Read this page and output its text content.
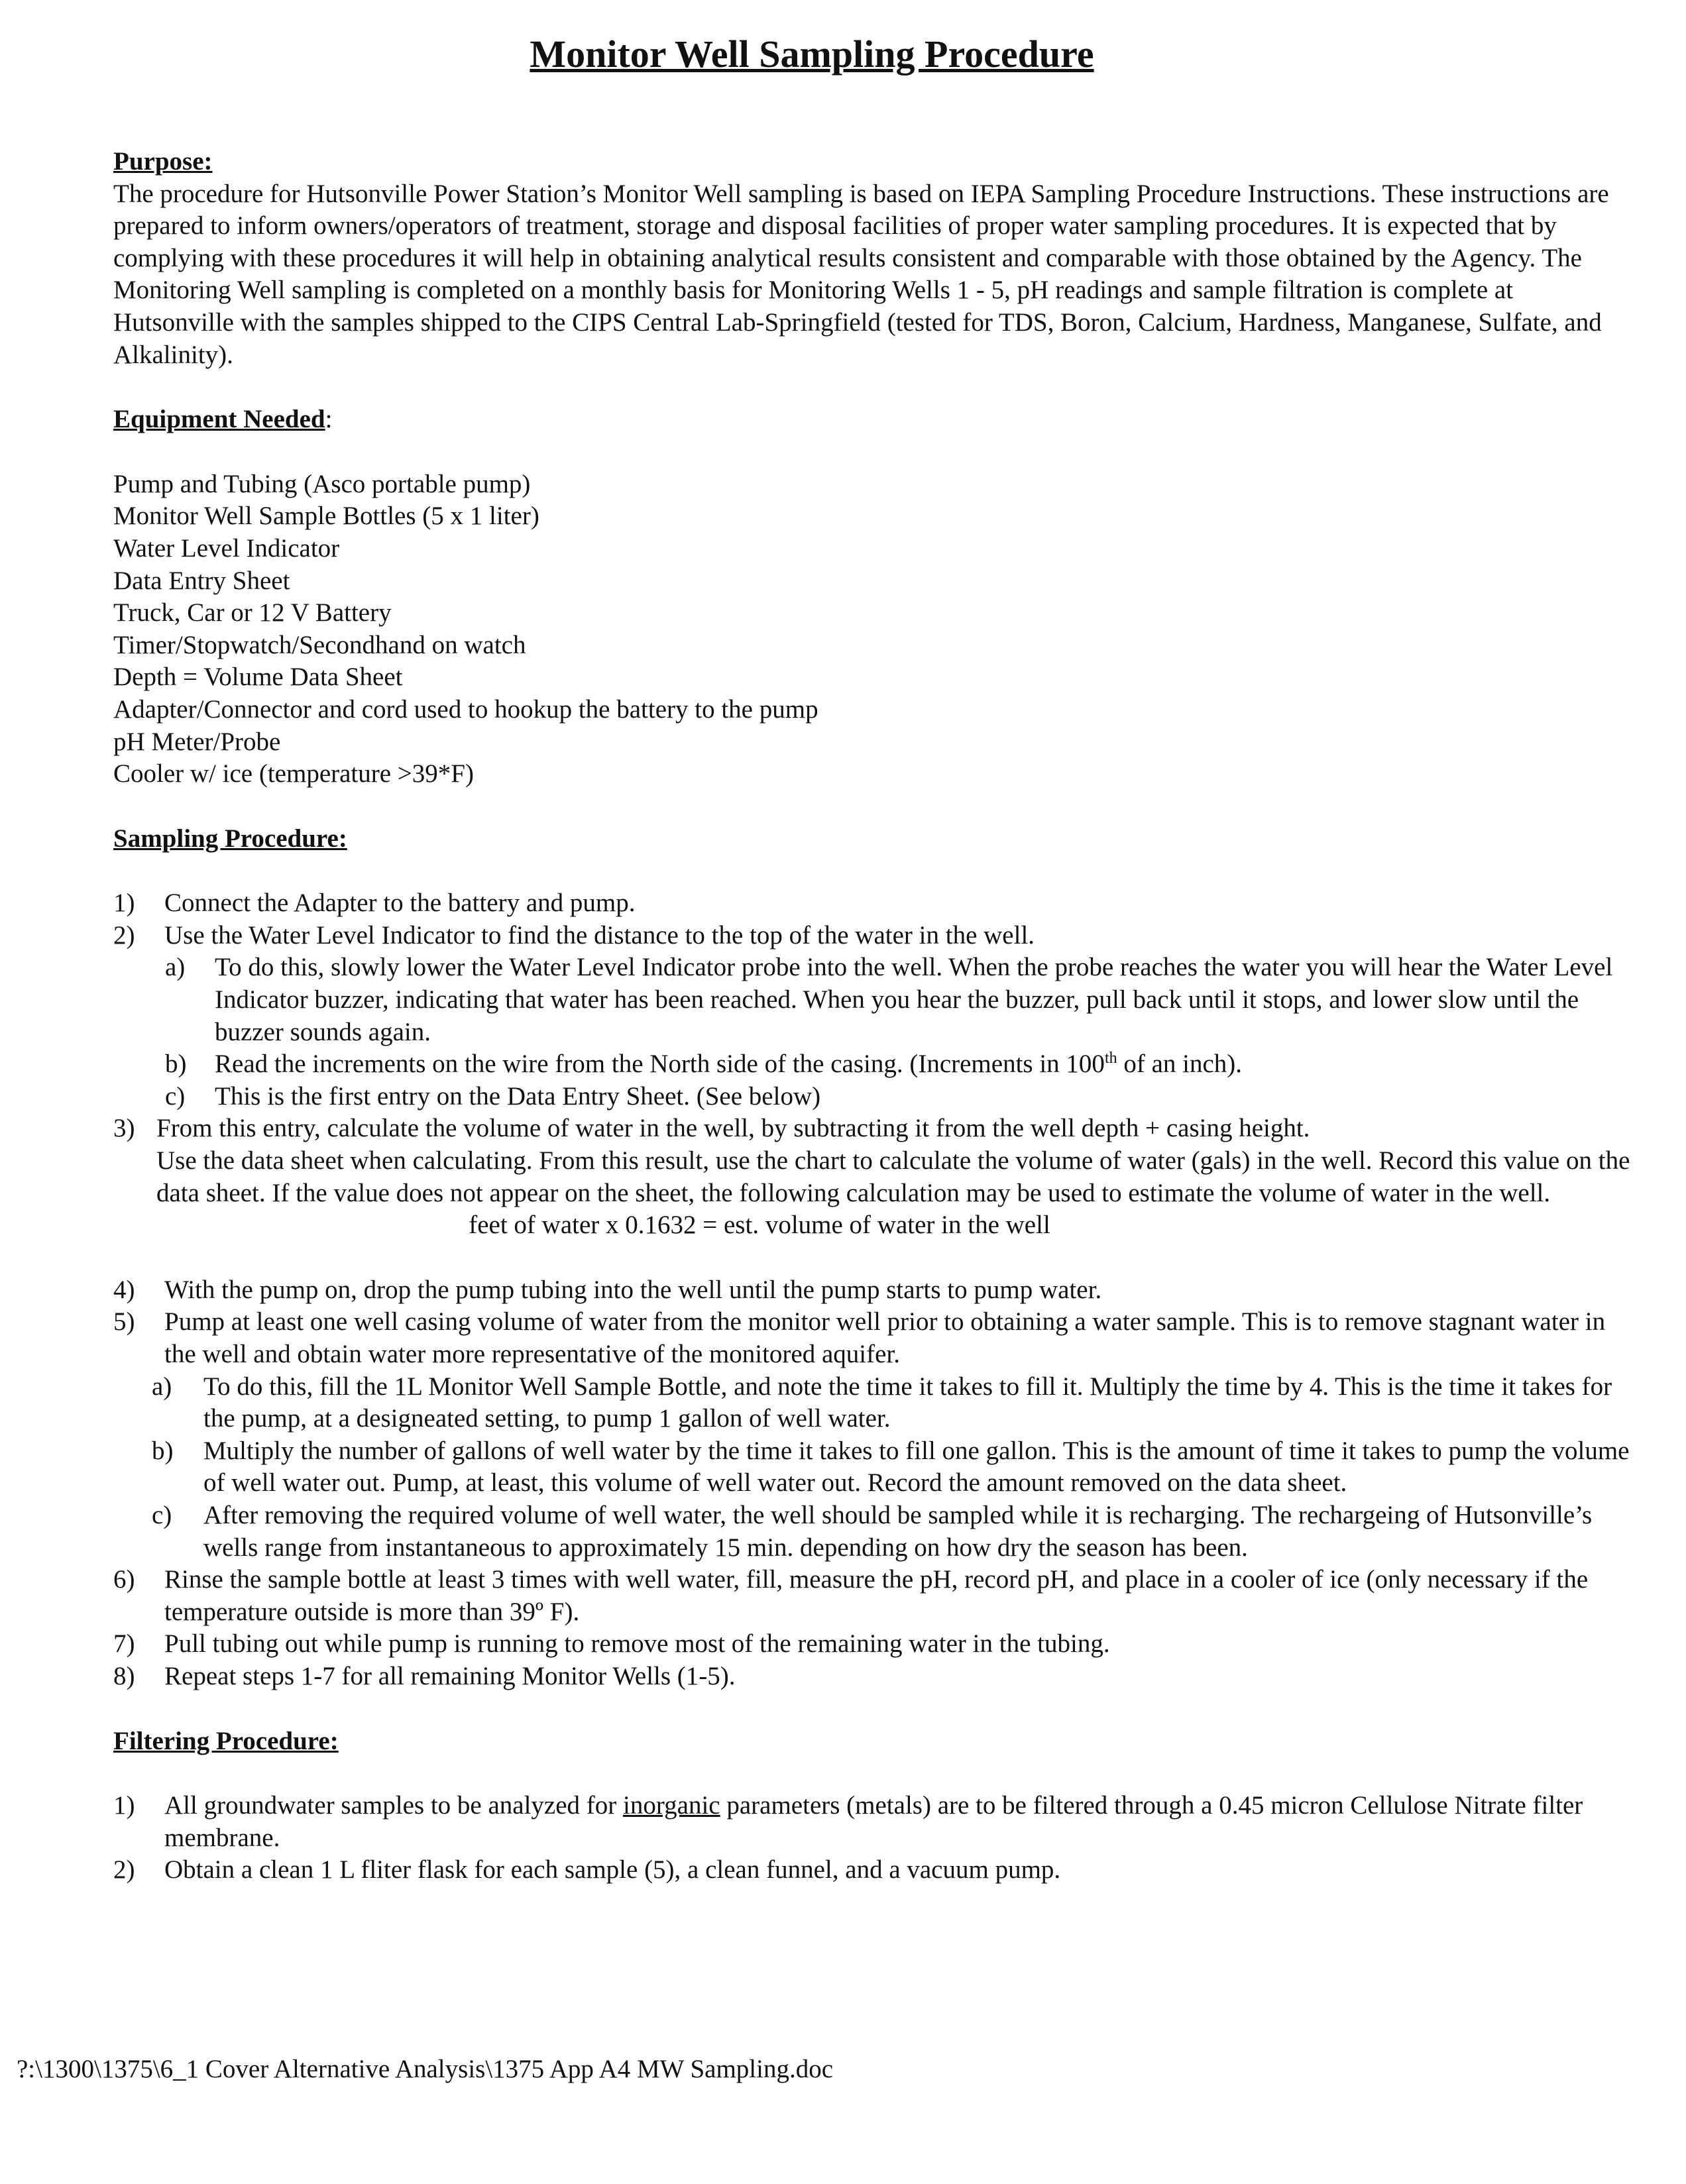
Monitor Well Sampling Procedure
Purpose:

The procedure for Hutsonville Power Station’s Monitor Well sampling is based on IEPA Sampling Procedure Instructions. These instructions are prepared to inform owners/operators of treatment, storage and disposal facilities of proper water sampling procedures. It is expected that by complying with these procedures it will help in obtaining analytical results consistent and comparable with those obtained by the Agency. The Monitoring Well sampling is completed on a monthly basis for Monitoring Wells 1 - 5, pH readings and sample filtration is complete at Hutsonville with the samples shipped to the CIPS Central Lab-Springfield (tested for TDS, Boron, Calcium, Hardness, Manganese, Sulfate, and Alkalinity).

Equipment Needed:
Pump and Tubing (Asco portable pump)
Monitor Well Sample Bottles (5 x 1 liter)
Water Level Indicator
Data Entry Sheet
Truck, Car or 12 V Battery
Timer/Stopwatch/Secondhand on watch
Depth = Volume Data Sheet
Adapter/Connector and cord used to hookup the battery to the pump
pH Meter/Probe
Cooler w/ ice (temperature >39*F)
Sampling Procedure:
1) Connect the Adapter to the battery and pump.
2) Use the Water Level Indicator to find the distance to the top of the water in the well.
a) To do this, slowly lower the Water Level Indicator probe into the well. When the probe reaches the water you will hear the Water Level Indicator buzzer, indicating that water has been reached. When you hear the buzzer, pull back until it stops, and lower slow until the buzzer sounds again.
b) Read the increments on the wire from the North side of the casing. (Increments in 100th of an inch).
c) This is the first entry on the Data Entry Sheet. (See below)
3) From this entry, calculate the volume of water in the well, by subtracting it from the well depth + casing height.
Use the data sheet when calculating. From this result, use the chart to calculate the volume of water (gals) in the well. Record this value on the data sheet. If the value does not appear on the sheet, the following calculation may be used to estimate the volume of water in the well.
feet of water x 0.1632 = est. volume of water in the well
4) With the pump on, drop the pump tubing into the well until the pump starts to pump water.
5) Pump at least one well casing volume of water from the monitor well prior to obtaining a water sample. This is to remove stagnant water in the well and obtain water more representative of the monitored aquifer.
a) To do this, fill the 1L Monitor Well Sample Bottle, and note the time it takes to fill it. Multiply the time by 4. This is the time it takes for the pump, at a designeated setting, to pump 1 gallon of well water.
b) Multiply the number of gallons of well water by the time it takes to fill one gallon. This is the amount of time it takes to pump the volume of well water out. Pump, at least, this volume of well water out. Record the amount removed on the data sheet.
c) After removing the required volume of well water, the well should be sampled while it is recharging. The rechargeing of Hutsonville’s wells range from instantaneous to approximately 15 min. depending on how dry the season has been.
6) Rinse the sample bottle at least 3 times with well water, fill, measure the pH, record pH, and place in a cooler of ice (only necessary if the temperature outside is more than 39º F).
7) Pull tubing out while pump is running to remove most of the remaining water in the tubing.
8) Repeat steps 1-7 for all remaining Monitor Wells (1-5).
Filtering Procedure:
1) All groundwater samples to be analyzed for inorganic parameters (metals) are to be filtered through a 0.45 micron Cellulose Nitrate filter membrane.
2) Obtain a clean 1 L fliter flask for each sample (5), a clean funnel, and a vacuum pump.
?:\1300\1375\6_1 Cover Alternative Analysis\1375 App A4 MW Sampling.doc
